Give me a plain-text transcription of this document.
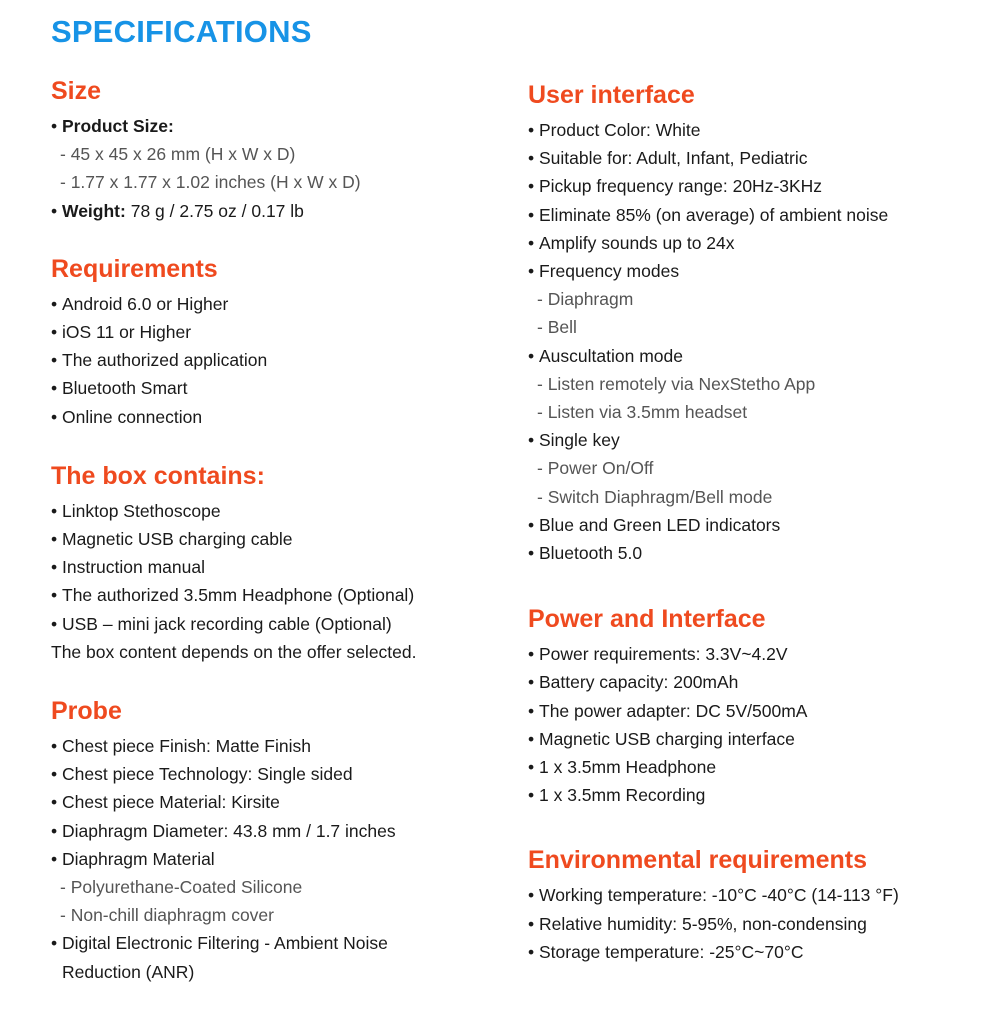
SPECIFICATIONS
Size
• Product Size:
- 45 x 45 x 26 mm (H x W x D)
- 1.77 x 1.77 x 1.02 inches (H x W x D)
• Weight: 78 g / 2.75 oz / 0.17 lb
Requirements
• Android 6.0 or Higher
• iOS 11 or Higher
• The authorized application
• Bluetooth Smart
• Online connection
The box contains:
• Linktop Stethoscope
• Magnetic USB charging cable
• Instruction manual
• The authorized 3.5mm Headphone (Optional)
• USB – mini jack recording cable (Optional)
The box content depends on the offer selected.
Probe
• Chest piece Finish: Matte Finish
• Chest piece Technology: Single sided
• Chest piece Material: Kirsite
• Diaphragm Diameter: 43.8 mm / 1.7 inches
• Diaphragm Material
- Polyurethane-Coated Silicone
- Non-chill diaphragm cover
• Digital Electronic Filtering - Ambient Noise
Reduction (ANR)
User interface
• Product Color: White
• Suitable for: Adult, Infant, Pediatric
• Pickup frequency range: 20Hz-3KHz
• Eliminate 85% (on average) of ambient noise
• Amplify sounds up to 24x
• Frequency modes
- Diaphragm
- Bell
• Auscultation mode
- Listen remotely via NexStetho App
- Listen via 3.5mm headset
• Single key
- Power On/Off
- Switch Diaphragm/Bell mode
• Blue and Green LED indicators
• Bluetooth 5.0
Power and Interface
• Power requirements: 3.3V~4.2V
• Battery capacity: 200mAh
• The power adapter: DC 5V/500mA
• Magnetic USB charging interface
• 1 x 3.5mm Headphone
• 1 x 3.5mm Recording
Environmental requirements
• Working temperature: -10°C -40°C (14-113 °F)
• Relative humidity: 5-95%, non-condensing
• Storage temperature: -25°C~70°C
